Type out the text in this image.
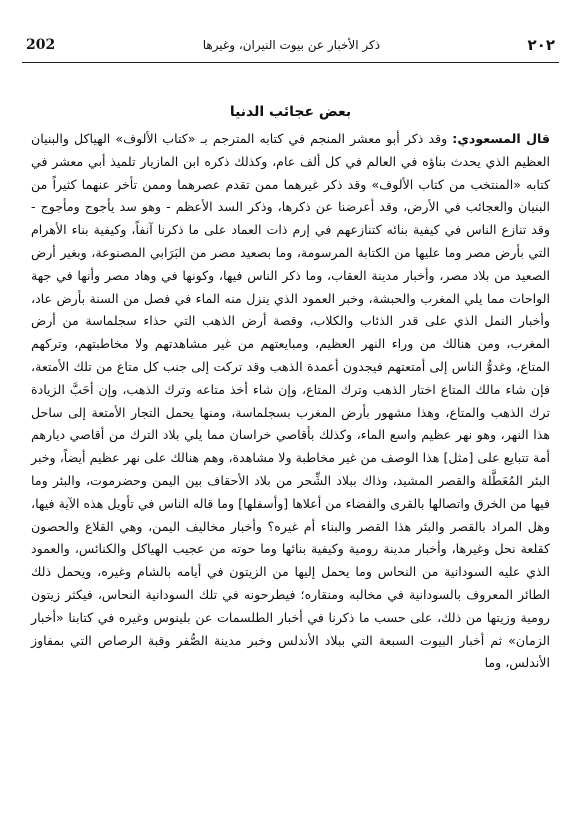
202	ذكر الأخبار عن بيوت النيران، وغيرها	٢٠٢
بعض عجائب الدنيا

قال المسعودي: وقد ذكر أبو معشر المنجم في كتابه المترجم بـ «كتاب الألوف» الهياكل والبنيان العظيم الذي يحدث بناؤه في العالم في كل ألف عام، وكذلك ذكره ابن المازيار تلميذ أبي معشر في كتابه «المنتخب من كتاب الألوف» وقد ذكر غيرهما ممن تقدم عصرهما وممن تأخر عنهما كثيراً من البنيان والعجائب في الأرض، وقد أعرضنا عن ذكرها، وذكر السد الأعظم - وهو سد يأجوج ومأجوج - وقد تنازع الناس في كيفية بنائه كتنازعهم في إرم ذات العماد على ما ذكرنا آنفاً، وكيفية بناء الأهرام التي بأرض مصر وما عليها من الكتابة المرسومة، وما بصعيد مصر من البَرَابي المصنوعة، وبغير أرض الصعيد من بلاد مصر، وأخبار مدينة العقاب، وما ذكر الناس فيها، وكونها في وهاد مصر وأنها في جهة الواحات مما يلي المغرب والحبشة، وخبر العمود الذي ينزل منه الماء في فصل من السنة بأرض عاد، وأخبار النمل الذي على قدر الذئاب والكلاب، وقصة أرض الذهب التي حذاء سجلماسة من أرض المغرب، ومن هنالك من وراء النهر العظيم، ومبايعتهم من غير مشاهدتهم ولا مخاطبتهم، وتركهم المتاع، وغدوُّ الناس إلى أمتعتهم فيجدون أعمدة الذهب وقد تركت إلى جنب كل متاع من تلك الأمتعة، فإن شاء مالك المتاع اختار الذهب وترك المتاع، وإن شاء أخذ متاعه وترك الذهب، وإن أحَبَّ الزيادة ترك الذهب والمتاع، وهذا مشهور بأرض المغرب بسجلماسة، ومنها يحمل التجار الأمتعة إلى ساحل هذا النهر، وهو نهر عظيم واسع الماء، وكذلك بأقاصي خراسان مما يلي بلاد الترك من أقاصي ديارهم أمة تتبايع على [مثل] هذا الوصف من غير مخاطبة ولا مشاهدة، وهم هنالك على نهر عظيم أيضاً، وخبر البئر المُعَطَّلة والقصر المشيد، وذاك ببلاد الشِّحر من بلاد الأحقاف بين اليمن وحضرموت، والبئر وما فيها من الخرق واتصالها بالقرى والفضاء من أعلاها [وأسفلها] وما قاله الناس في تأويل هذه الآية فيها، وهل المراد بالقصر والبئر هذا القصر والبناء أم غيره؟ وأخبار مخاليف اليمن، وهي القلاع والحصون كقلعة نحل وغيرها، وأخبار مدينة رومية وكيفية بنائها وما حوته من عجيب الهياكل والكنائس، والعمود الذي عليه السودانية من النحاس وما يحمل إليها من الزيتون في أيامه بالشام وغيره، ويحمل ذلك الطائر المعروف بالسودانية في مخالبه ومنقاره؛ فيطرحونه في تلك السودانية النحاس، فيكثر زيتون رومية وزيتها من ذلك، على حسب ما ذكرنا في أخبار الطلسمات عن بلينوس وغيره في كتابنا «أخبار الزمان» ثم أخبار البيوت السبعة التي ببلاد الأندلس وخبر مدينة الصُّفر وقبة الرصاص التي بمفاوز الأندلس، وما
